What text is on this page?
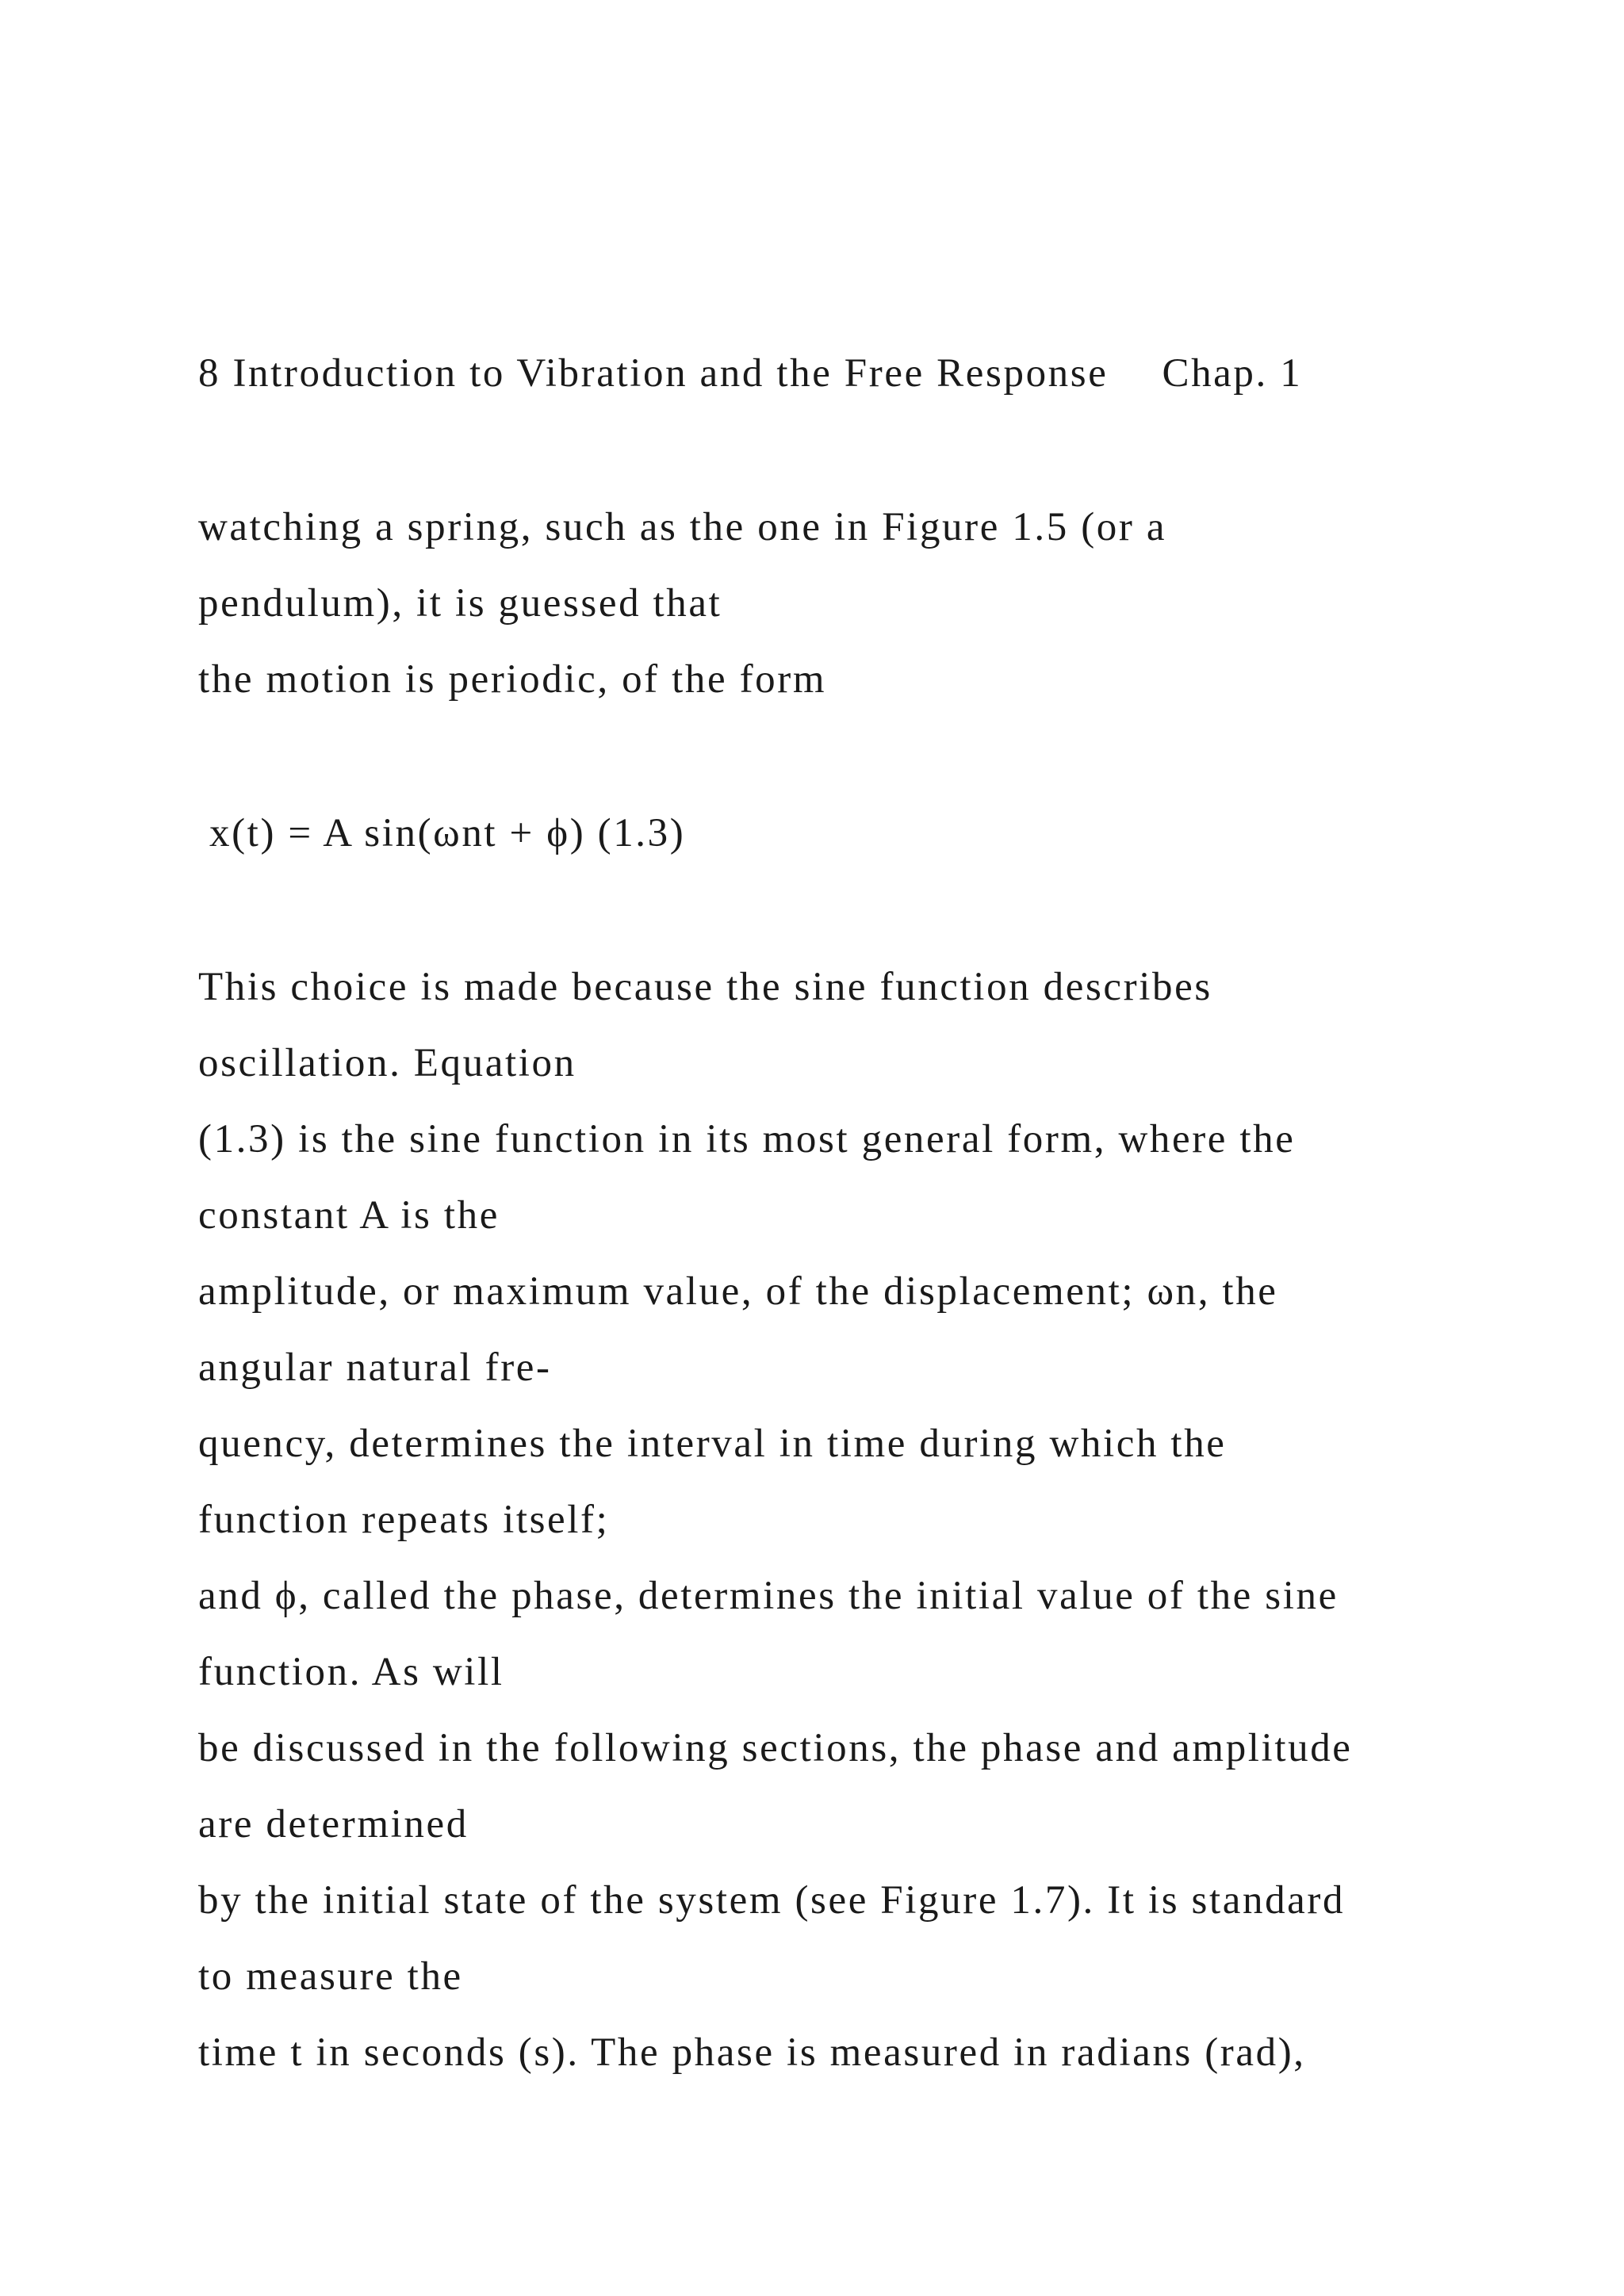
8 Introduction to Vibration and the Free Response Chap. 1
watching a spring, such as the one in Figure 1.5 (or a
pendulum), it is guessed that
the motion is periodic, of the form
x(t) = A sin(ωnt + ϕ) (1.3)
This choice is made because the sine function describes
oscillation. Equation
(1.3) is the sine function in its most general form, where the
constant A is the
amplitude, or maximum value, of the displacement; ωn, the
angular natural fre-
quency, determines the interval in time during which the
function repeats itself;
and ϕ, called the phase, determines the initial value of the sine
function. As will
be discussed in the following sections, the phase and amplitude
are determined
by the initial state of the system (see Figure 1.7). It is standard
to measure the
time t in seconds (s). The phase is measured in radians (rad),
